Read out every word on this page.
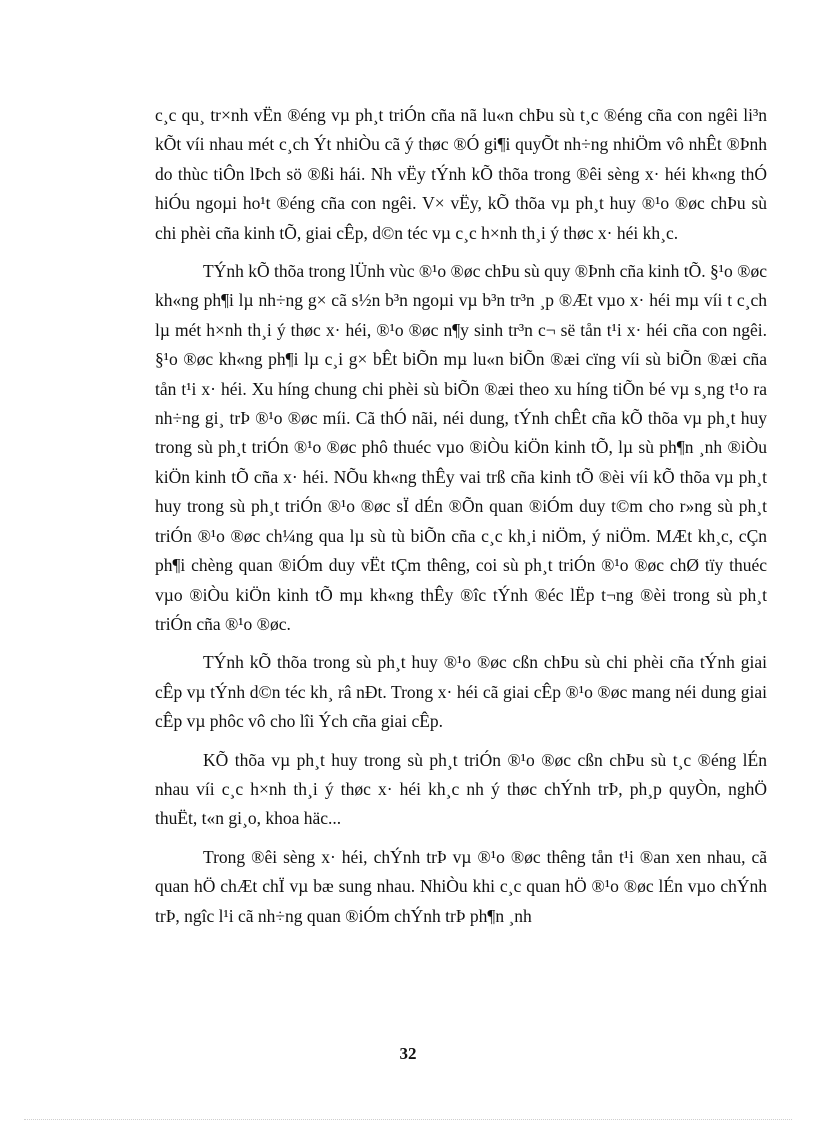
c¸c qu¸ tr×nh vËn ®éng vµ ph¸t triÓn cña nã lu«n chÞu sù t¸c ®éng cña con ngêi li³n kÕt víi nhau mét c¸ch Ýt nhiÒu cã ý thøc ®Ó gi¶i quyÕt nh÷ng nhiÖm vô nhÊt ®Þnh do thùc tiÔn lÞch sö ®ßi hái. Nh vËy tÝnh kÕ thõa trong ®êi sèng x· héi kh«ng thÓ hiÓu ngoµi ho¹t ®éng cña con ngêi. V× vËy, kÕ thõa vµ ph¸t huy ®¹o ®øc chÞu sù chi phèi cña kinh tÕ, giai cÊp, d©n téc vµ c¸c h×nh th¸i ý thøc x· héi kh¸c.

TÝnh kÕ thõa trong lÜnh vùc ®¹o ®øc chÞu sù quy ®Þnh cña kinh tÕ. §¹o ®øc kh«ng ph¶i lµ nh÷ng g× cã s½n b³n ngoµi vµ b³n tr³n ¸p ®Æt vµo x· héi mµ víi t c¸ch lµ mét h×nh th¸i ý thøc x· héi, ®¹o ®øc n¶y sinh tr³n c¬ së tån t¹i x· héi cña con ngêi. §¹o ®øc kh«ng ph¶i lµ c¸i g× bÊt biÕn mµ lu«n biÕn ®æi cïng víi sù biÕn ®æi cña tån t¹i x· héi. Xu híng chung chi phèi sù biÕn ®æi theo xu híng tiÕn bé vµ s¸ng t¹o ra nh÷ng gi¸ trÞ ®¹o ®øc míi. Cã thÓ nãi, néi dung, tÝnh chÊt cña kÕ thõa vµ ph¸t huy trong sù ph¸t triÓn ®¹o ®øc phô thuéc vµo ®iÒu kiÖn kinh tÕ, lµ sù ph¶n ¸nh ®iÒu kiÖn kinh tÕ cña x· héi. NÕu kh«ng thÊy vai trß cña kinh tÕ ®èi víi kÕ thõa vµ ph¸t huy trong sù ph¸t triÓn ®¹o ®øc sÏ dÉn ®Õn quan ®iÓm duy t©m cho r»ng sù ph¸t triÓn ®¹o ®øc ch¼ng qua lµ sù tù biÕn cña c¸c kh¸i niÖm, ý niÖm. MÆt kh¸c, cÇn ph¶i chèng quan ®iÓm duy vËt tÇm thêng, coi sù ph¸t triÓn ®¹o ®øc chØ tïy thuéc vµo ®iÒu kiÖn kinh tÕ mµ kh«ng thÊy ®îc tÝnh ®éc lËp t¬ng ®èi trong sù ph¸t triÓn cña ®¹o ®øc.

TÝnh kÕ thõa trong sù ph¸t huy ®¹o ®øc cßn chÞu sù chi phèi cña tÝnh giai cÊp vµ tÝnh d©n téc kh¸ râ nÐt. Trong x· héi cã giai cÊp ®¹o ®øc mang néi dung giai cÊp vµ phôc vô cho lîi Ých cña giai cÊp.

KÕ thõa vµ ph¸t huy trong sù ph¸t triÓn ®¹o ®øc cßn chÞu sù t¸c ®éng lÉn nhau víi c¸c h×nh th¸i ý thøc x· héi kh¸c nh ý thøc chÝnh trÞ, ph¸p quyÒn, nghÖ thuËt, t«n gi¸o, khoa häc...

Trong ®êi sèng x· héi, chÝnh trÞ vµ ®¹o ®øc thêng tån t¹i ®an xen nhau, cã quan hÖ chÆt chÏ vµ bæ sung nhau. NhiÒu khi c¸c quan hÖ ®¹o ®øc lÉn vµo chÝnh trÞ, ngîc l¹i cã nh÷ng quan ®iÓm chÝnh trÞ ph¶n ¸nh

32
